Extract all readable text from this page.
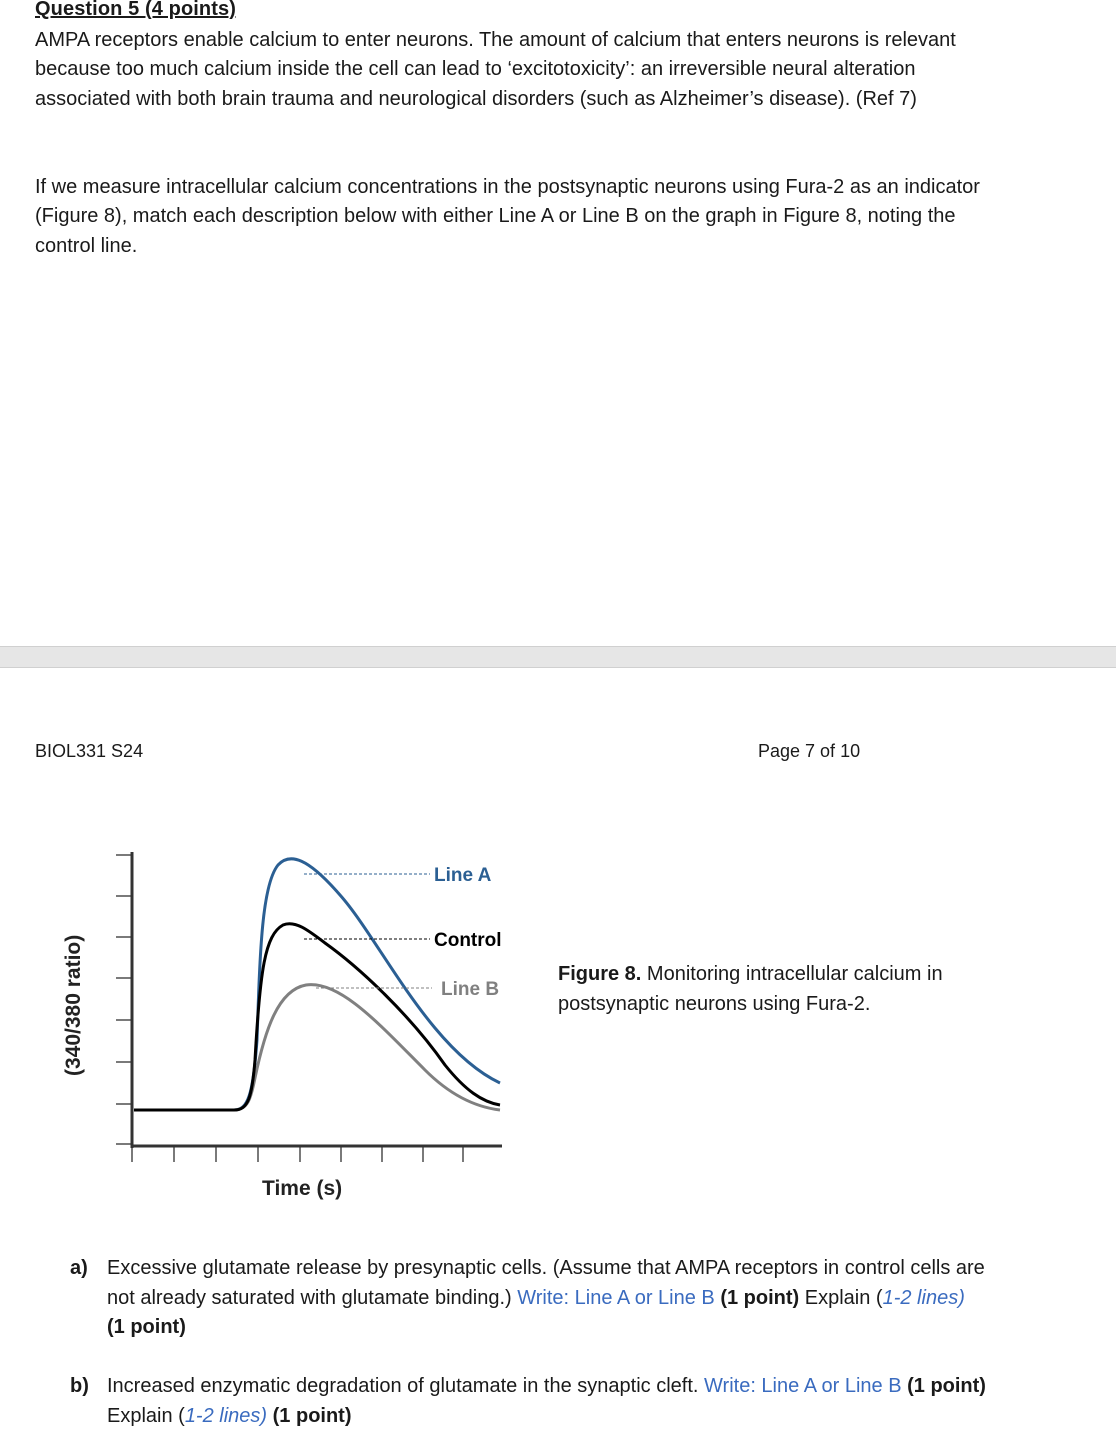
Question 5 (4 points)

AMPA receptors enable calcium to enter neurons. The amount of calcium that enters neurons is relevant because too much calcium inside the cell can lead to ‘excitotoxicity’: an irreversible neural alteration associated with both brain trauma and neurological disorders (such as Alzheimer’s disease). (Ref 7)

If we measure intracellular calcium concentrations in the postsynaptic neurons using Fura-2 as an indicator (Figure 8), match each description below with either Line A or Line B on the graph in Figure 8, noting the control line.

BIOL331 S24	Page 7 of 10
Line A
Control
Line B
Time (s)
(340/380 ratio)	Figure 8. Monitoring intracellular calcium in postsynaptic neurons using Fura-2.

a) Excessive glutamate release by presynaptic cells. (Assume that AMPA receptors in control cells are not already saturated with glutamate binding.) Write: Line A or Line B (1 point) Explain (1-2 lines) (1 point)

b) Increased enzymatic degradation of glutamate in the synaptic cleft. Write: Line A or Line B (1 point) Explain (1-2 lines) (1 point)
